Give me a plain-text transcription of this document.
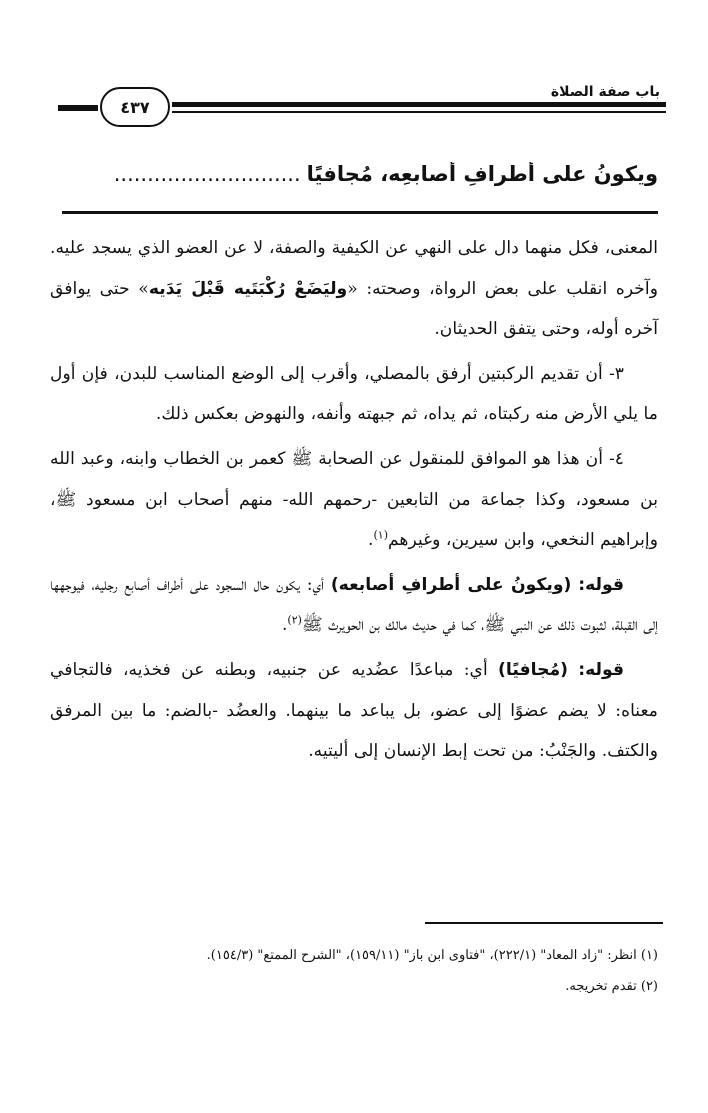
٤٣٧
باب صفة الصلاة
ويكونُ على أطرافِ أصابعِه، مُجافيًا............................

المعنى، فكل منهما دال على النهي عن الكيفية والصفة، لا عن العضو الذي يسجد عليه. وآخره انقلب على بعض الرواة، وصحته: «وليَضَعْ رُكْبَتَيه قَبْلَ يَدَيه» حتى يوافق آخره أوله، وحتى يتفق الحديثان.

٣- أن تقديم الركبتين أرفق بالمصلي، وأقرب إلى الوضع المناسب للبدن، فإن أول ما يلي الأرض منه ركبتاه، ثم يداه، ثم جبهته وأنفه، والنهوض بعكس ذلك.

٤- أن هذا هو الموافق للمنقول عن الصحابة ﷺ كعمر بن الخطاب وابنه، وعبد الله بن مسعود، وكذا جماعة من التابعين -رحمهم الله- منهم أصحاب ابن مسعود ﷺ، وإبراهيم النخعي، وابن سيرين، وغيرهم$^{(١)}$.

قوله: (ويكونُ على أطرافِ أصابعه) أي: يكون حال السجود على أطراف أصابع رجليه، فيوجهها إلى القبلة، لثبوت ذلك عن النبي ﷺ، كما في حديث مالك بن الحويرث ﷺ$^{(٢)}$.

قوله: (مُجافيًا) أي: مباعدًا عضُديه عن جنبيه، وبطنه عن فخذيه، فالتجافي معناه: لا يضم عضوًا إلى عضو، بل يباعد ما بينهما. والعضُد -بالضم: ما بين المرفق والكتف. والجَنْبُ: من تحت إبط الإنسان إلى أليتيه.

(١) انظر: "زاد المعاد" (٢٢٢/١)، "فتاوى ابن باز" (١٥٩/١١)، "الشرح الممتع" (١٥٤/٣).
(٢) تقدم تخريجه.
